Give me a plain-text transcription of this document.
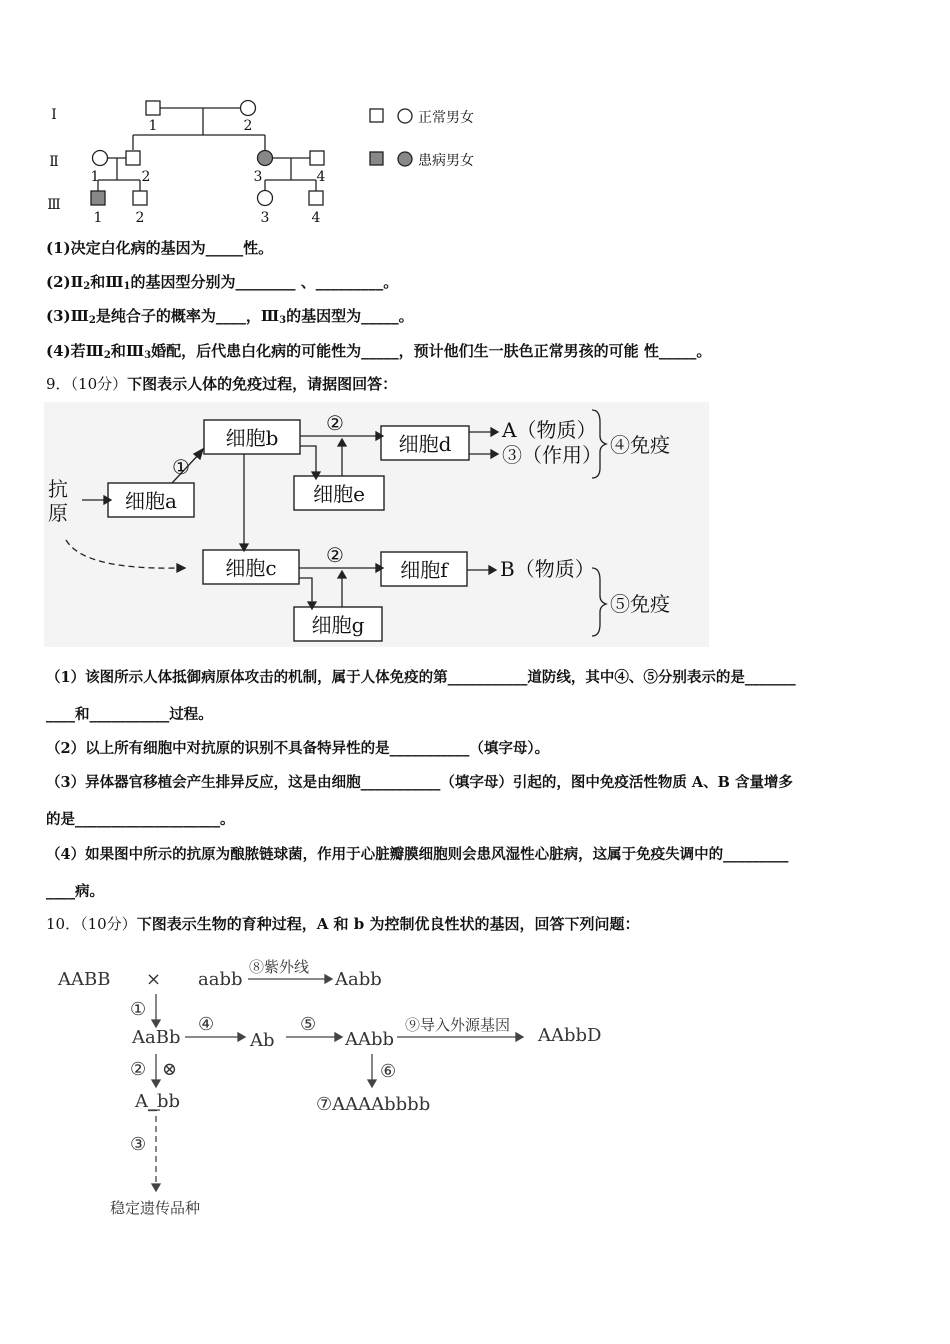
Ⅰ
Ⅱ
Ⅲ
1	2
1	2	3	4
1 2	3	4
正常男女
患病男女
(1)决定白化病的基因为_____性。
$(2)Ⅱ_2$和$Ⅲ_1$的基因型分别为________ 、_________。
$(3)Ⅲ_2$是纯合子的概率为____，$Ⅲ_3$的基因型为_____。
(4)若$Ⅲ_2$和$Ⅲ_3$婚配，后代患白化病的可能性为_____，预计他们生一肤色正常男孩的可能 性_____。
9．（10分）下图表示人体的免疫过程，请据图回答：
抗
原	细胞a
细胞b	细胞d
细胞e
细胞c	细胞f
细胞g
①
②
②
A（物质）
③（作用）
B（物质）
④免疫
⑤免疫
（1）该图所示人体抵御病原体攻击的机制，属于人体免疫的第___________道防线，其中④、⑤分别表示的是_______
____和___________过程。
（2）以上所有细胞中对抗原的识别不具备特异性的是___________（填字母）。
（3）异体器官移植会产生排异反应，这是由细胞___________（填字母）引起的，图中免疫活性物质 A、B 含量增多
的是____________________。
（4）如果图中所示的抗原为酿脓链球菌，作用于心脏瓣膜细胞则会患风湿性心脏病，这属于免疫失调中的_________
____病。
10．（10分）下图表示生物的育种过程，A 和 b 为控制优良性状的基因，回答下列问题：
AABB × aabb
⑧紫外线
Aabb
①
AaBb
④
Ab
⑤
AAbb
⑨导入外源基因 AAbbD
② ⊗	⑥
A_bb	⑦AAAAbbbb
③
稳定遗传品种
